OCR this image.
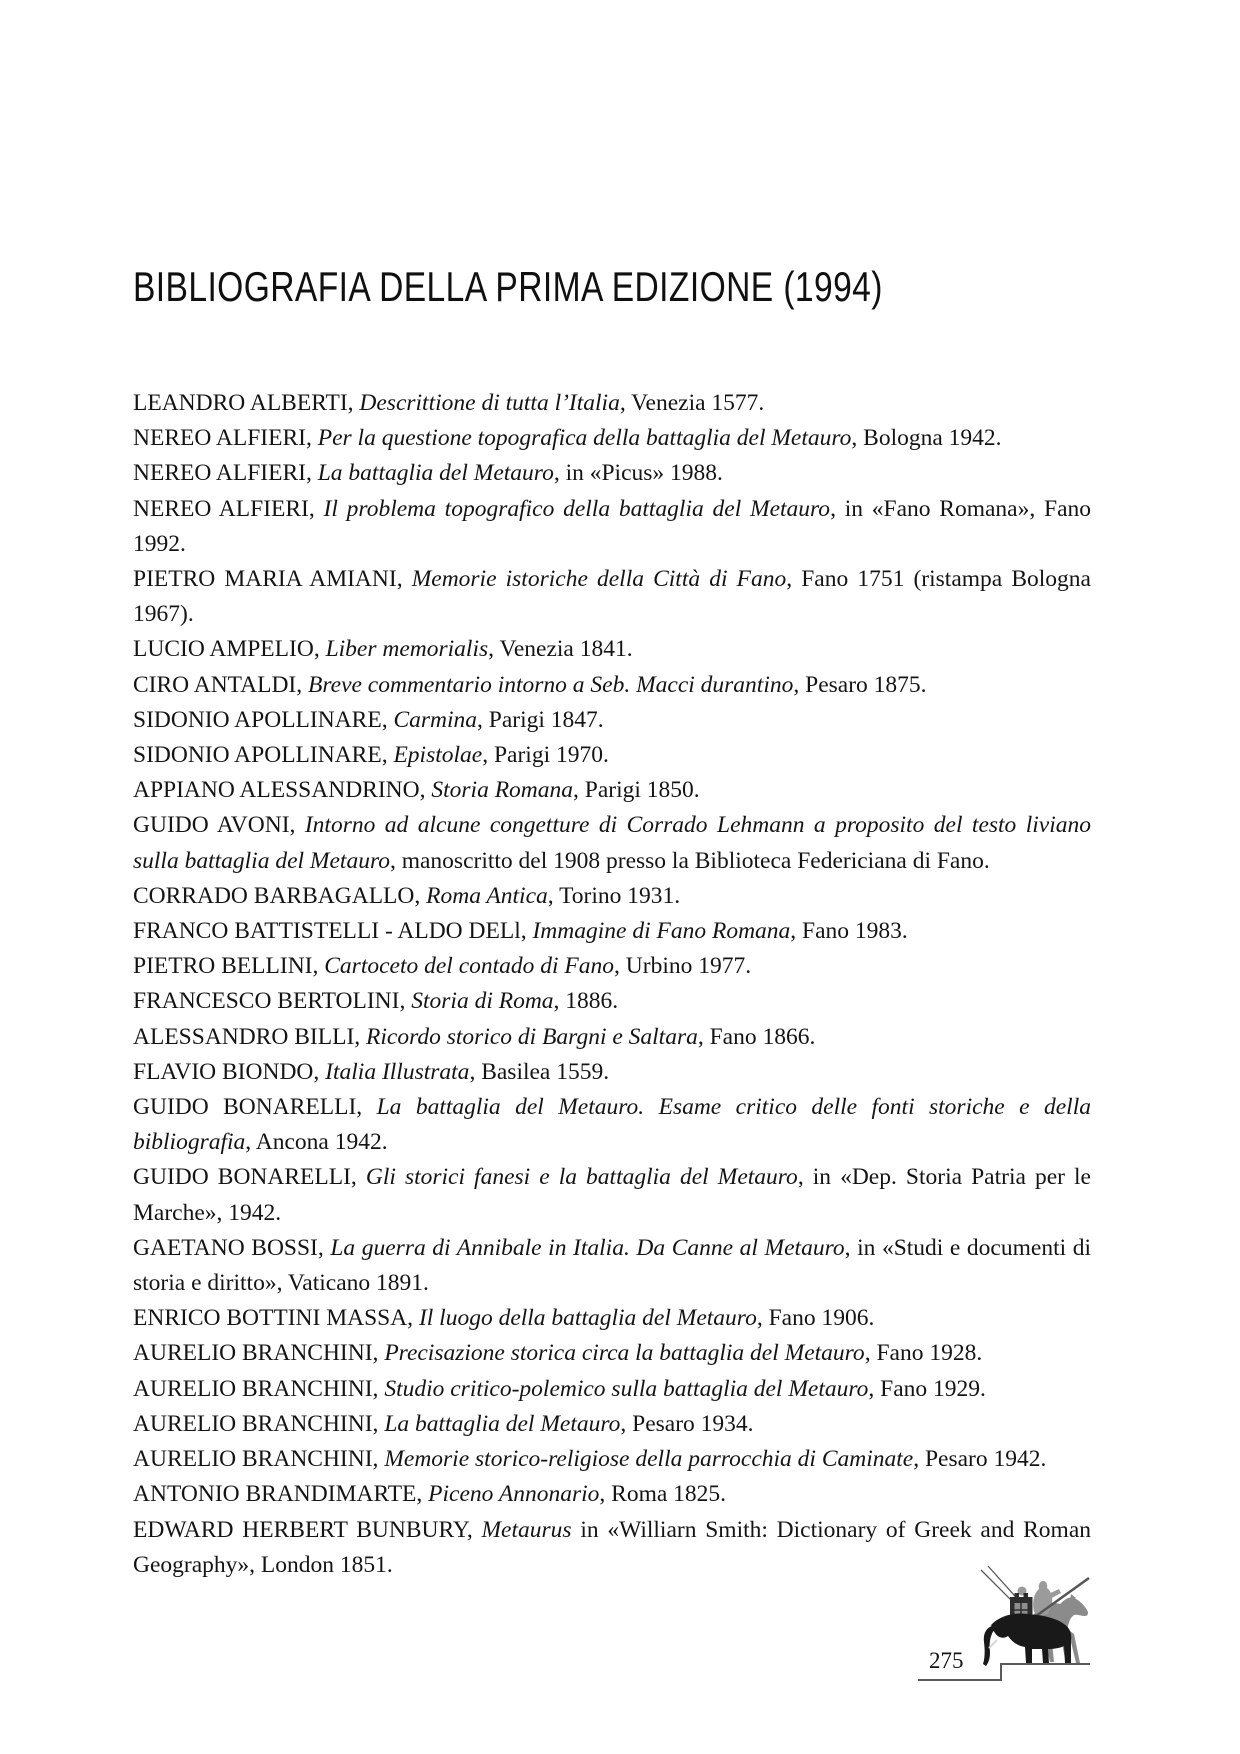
BIBLIOGRAFIA DELLA PRIMA EDIZIONE (1994)

LEANDRO ALBERTI, Descrittione di tutta l’Italia, Venezia 1577.

NEREO ALFIERI, Per la questione topografica della battaglia del Metauro, Bologna 1942.

NEREO ALFIERI, La battaglia del Metauro, in «Picus» 1988.

NEREO ALFIERI, Il problema topografico della battaglia del Metauro, in «Fano Romana», Fano 1992.

PIETRO MARIA AMIANI, Memorie istoriche della Città di Fano, Fano 1751 (ristampa Bologna 1967).

LUCIO AMPELIO, Liber memorialis, Venezia 1841.

CIRO ANTALDI, Breve commentario intorno a Seb. Macci durantino, Pesaro 1875.

SIDONIO APOLLINARE, Carmina, Parigi 1847.

SIDONIO APOLLINARE, Epistolae, Parigi 1970.

APPIANO ALESSANDRINO, Storia Romana, Parigi 1850.

GUIDO AVONI, Intorno ad alcune congetture di Corrado Lehmann a proposito del testo liviano sulla battaglia del Metauro, manoscritto del 1908 presso la Biblioteca Federiciana di Fano.

CORRADO BARBAGALLO, Roma Antica, Torino 1931.

FRANCO BATTISTELLI - ALDO DELl, Immagine di Fano Romana, Fano 1983.

PIETRO BELLINI, Cartoceto del contado di Fano, Urbino 1977.

FRANCESCO BERTOLINI, Storia di Roma, 1886.

ALESSANDRO BILLI, Ricordo storico di Bargni e Saltara, Fano 1866.

FLAVIO BIONDO, Italia Illustrata, Basilea 1559.

GUIDO BONARELLI, La battaglia del Metauro. Esame critico delle fonti storiche e della bibliografia, Ancona 1942.

GUIDO BONARELLI, Gli storici fanesi e la battaglia del Metauro, in «Dep. Storia Patria per le Marche», 1942.

GAETANO BOSSI, La guerra di Annibale in Italia. Da Canne al Metauro, in «Studi e documenti di storia e diritto», Vaticano 1891.

ENRICO BOTTINI MASSA, Il luogo della battaglia del Metauro, Fano 1906.

AURELIO BRANCHINI, Precisazione storica circa la battaglia del Metauro, Fano 1928.

AURELIO BRANCHINI, Studio critico-polemico sulla battaglia del Metauro, Fano 1929.

AURELIO BRANCHINI, La battaglia del Metauro, Pesaro 1934.

AURELIO BRANCHINI, Memorie storico-religiose della parrocchia di Caminate, Pesaro 1942.

ANTONIO BRANDIMARTE, Piceno Annonario, Roma 1825.

EDWARD HERBERT BUNBURY, Metaurus in «Williarn Smith: Dictionary of Greek and Roman Geography», London 1851.

275
